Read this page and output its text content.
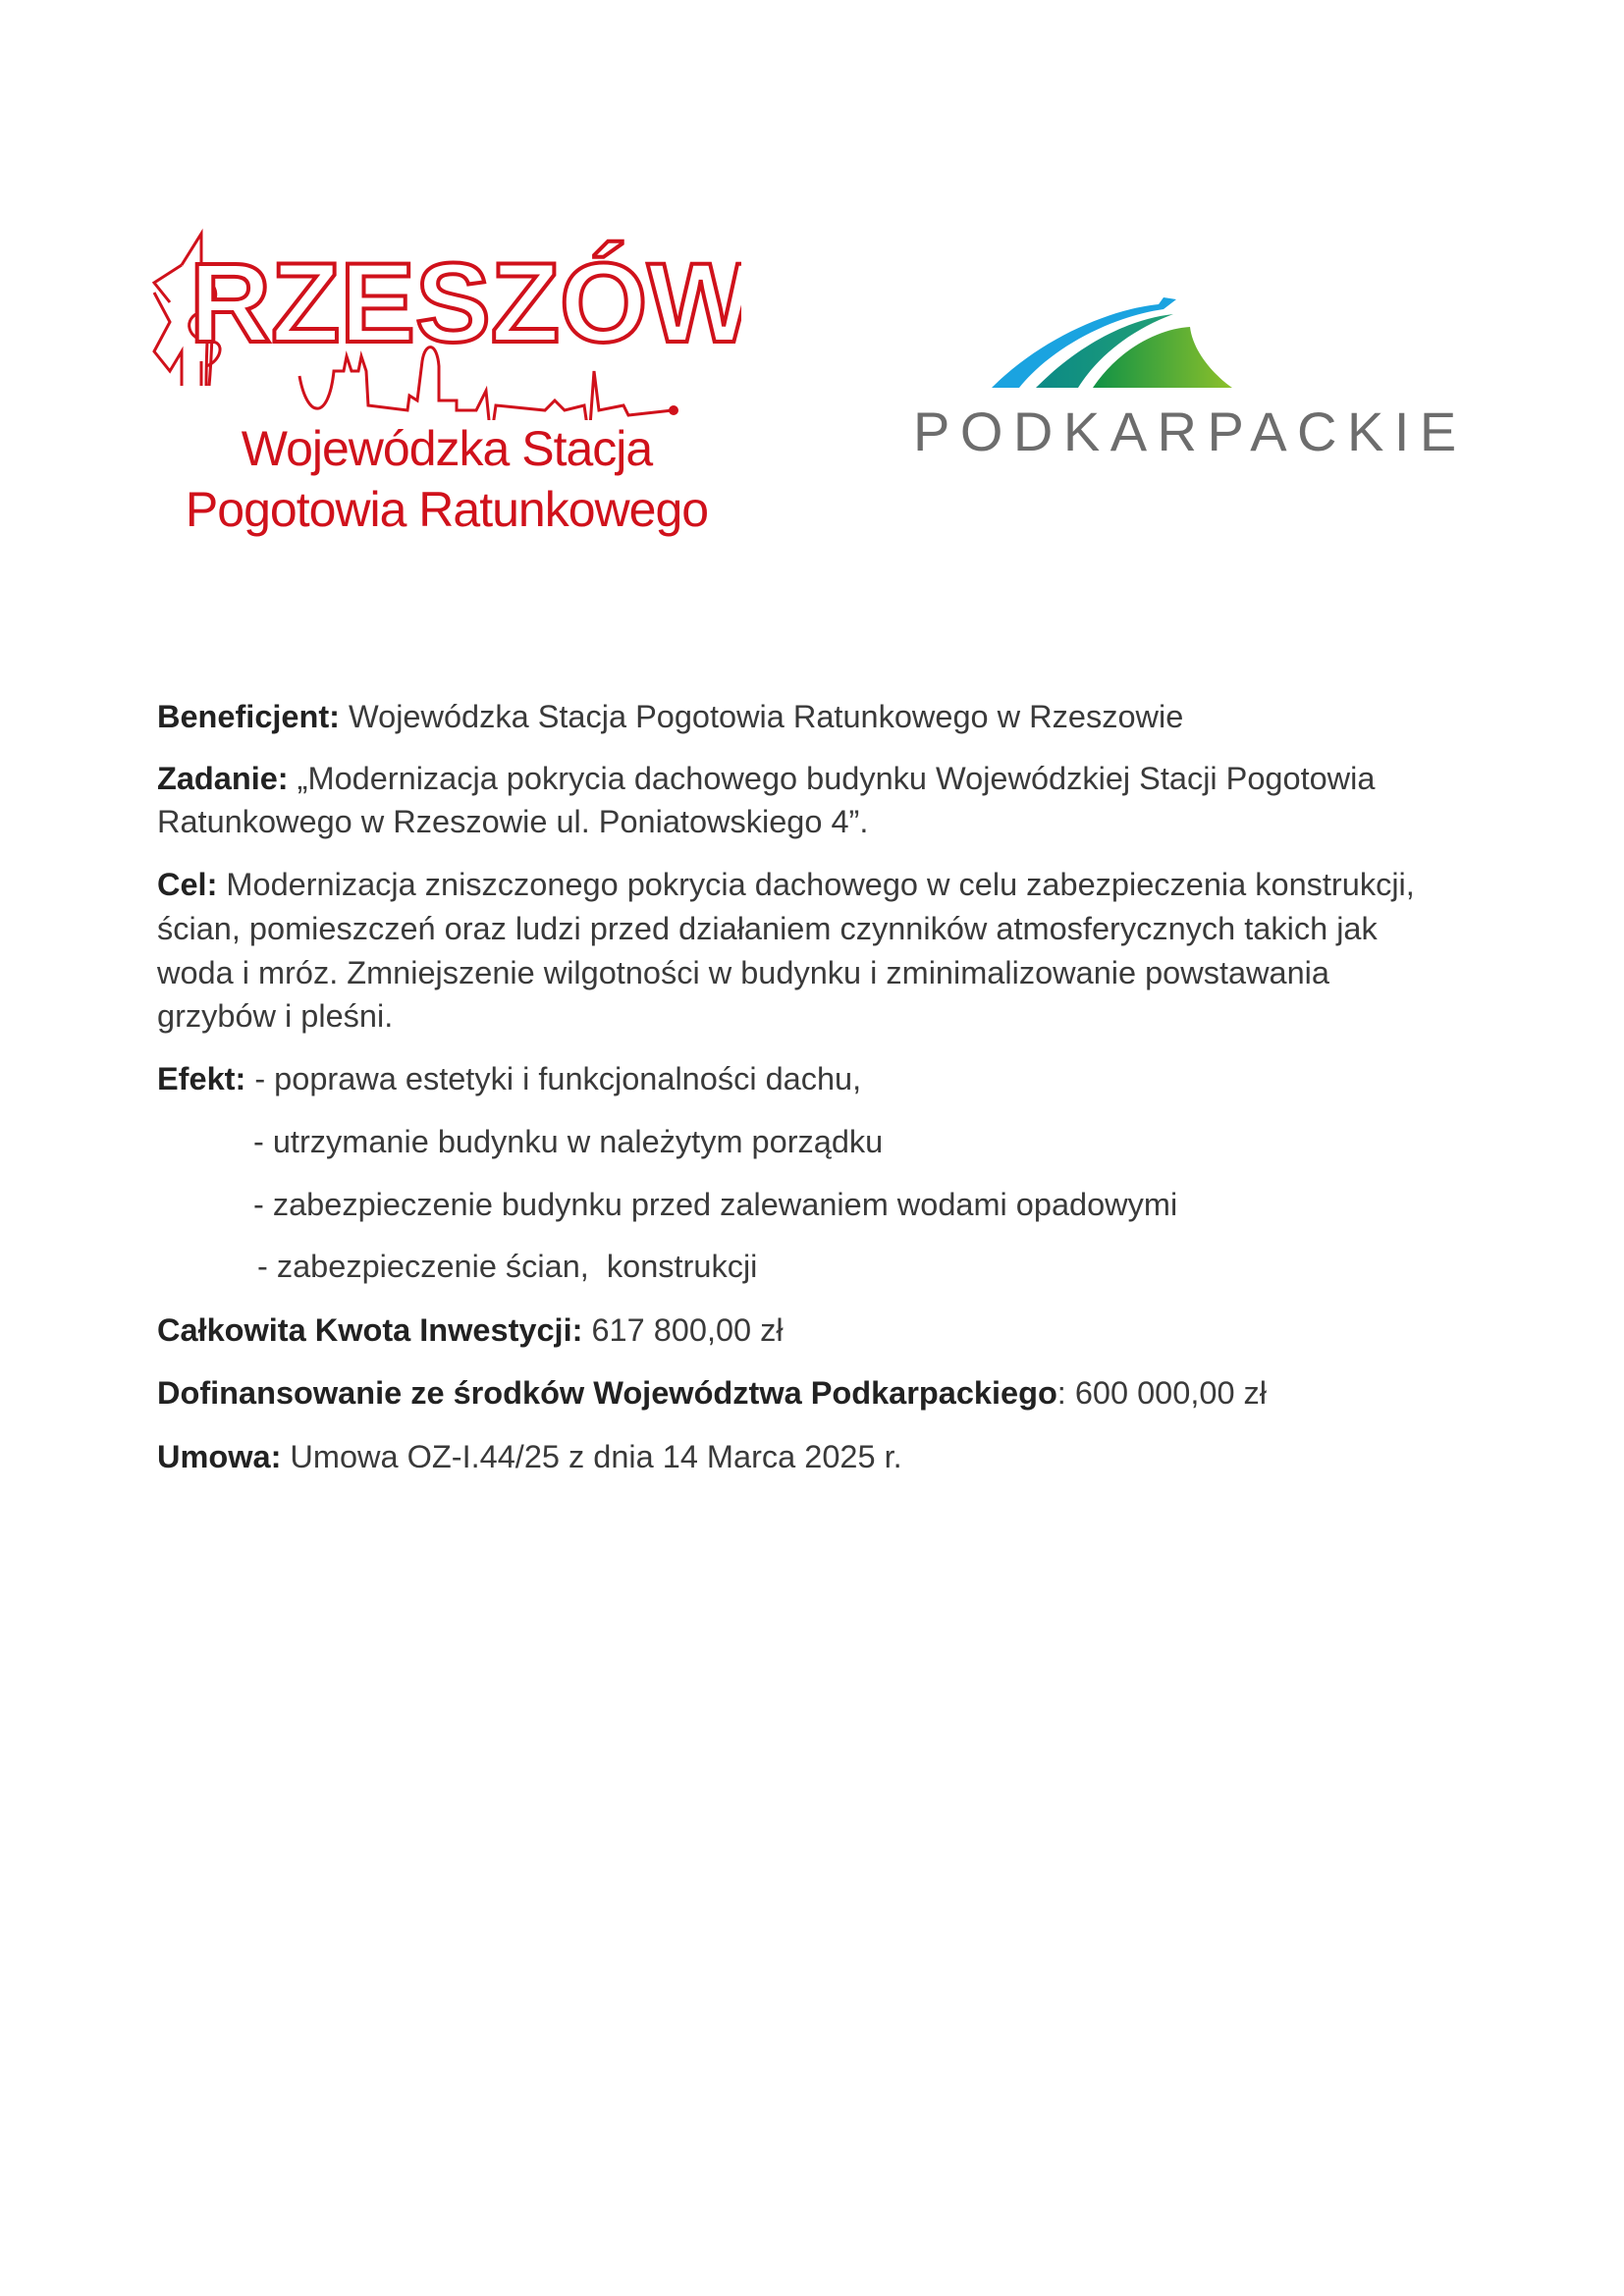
RZESZÓW
Wojewódzka Stacja
Pogotowia Ratunkowego
PODKARPACKIE
Beneficjent: Wojewódzka Stacja Pogotowia Ratunkowego w Rzeszowie
Zadanie: „Modernizacja pokrycia dachowego budynku Wojewódzkiej Stacji Pogotowia
Ratunkowego w Rzeszowie ul. Poniatowskiego 4”.
Cel: Modernizacja zniszczonego pokrycia dachowego w celu zabezpieczenia konstrukcji,
ścian, pomieszczeń oraz ludzi przed działaniem czynników atmosferycznych takich jak
woda i mróz. Zmniejszenie wilgotności w budynku i zminimalizowanie powstawania
grzybów i pleśni.
Efekt: - poprawa estetyki i funkcjonalności dachu,
- utrzymanie budynku w należytym porządku
- zabezpieczenie budynku przed zalewaniem wodami opadowymi
- zabezpieczenie ścian,  konstrukcji
Całkowita Kwota Inwestycji: 617 800,00 zł
Dofinansowanie ze środków Województwa Podkarpackiego: 600 000,00 zł
Umowa: Umowa OZ-I.44/25 z dnia 14 Marca 2025 r.
